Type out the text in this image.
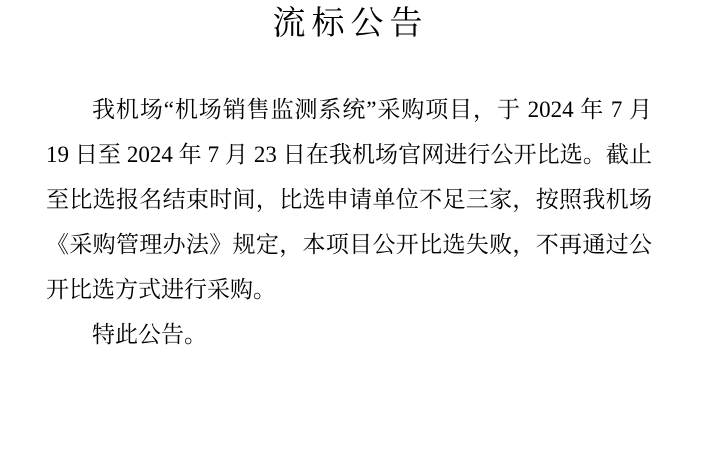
流标公告

我机场“机场销售监测系统”采购项目，于 2024 年 7 月 19 日至 2024 年 7 月 23 日在我机场官网进行公开比选。截止至比选报名结束时间，比选申请单位不足三家，按照我机场《采购管理办法》规定，本项目公开比选失败，不再通过公开比选方式进行采购。

特此公告。
